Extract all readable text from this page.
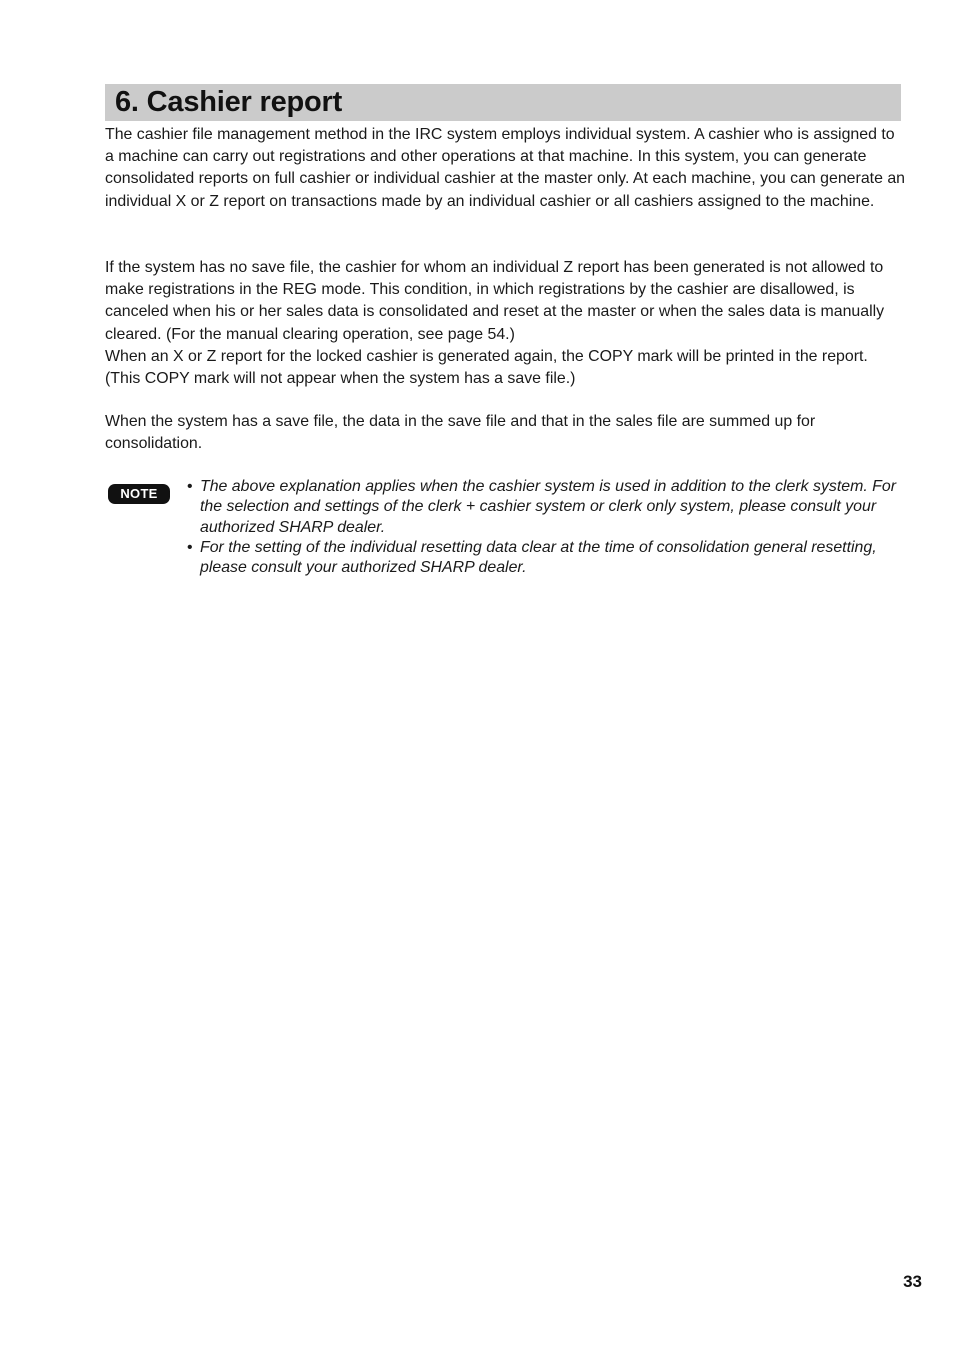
6. Cashier report

The cashier file management method in the IRC system employs individual system. A cashier who is assigned to a machine can carry out registrations and other operations at that machine. In this system, you can generate consolidated reports on full cashier or individual cashier at the master only. At each machine, you can generate an individual X or Z report on transactions made by an individual cashier or all cashiers assigned to the machine.

If the system has no save file, the cashier for whom an individual Z report has been generated is not allowed to make registrations in the REG mode. This condition, in which registrations by the cashier are disallowed, is canceled when his or her sales data is consolidated and reset at the master or when the sales data is manually cleared. (For the manual clearing operation, see page 54.)

When an X or Z report for the locked cashier is generated again, the COPY mark will be printed in the report. (This COPY mark will not appear when the system has a save file.)

When the system has a save file, the data in the save file and that in the sales file are summed up for consolidation.

NOTE	• The above explanation applies when the cashier system is used in addition to the clerk system. For the selection and settings of the clerk + cashier system or clerk only system, please consult your authorized SHARP dealer.
• For the setting of the individual resetting data clear at the time of consolidation general resetting, please consult your authorized SHARP dealer.
33
